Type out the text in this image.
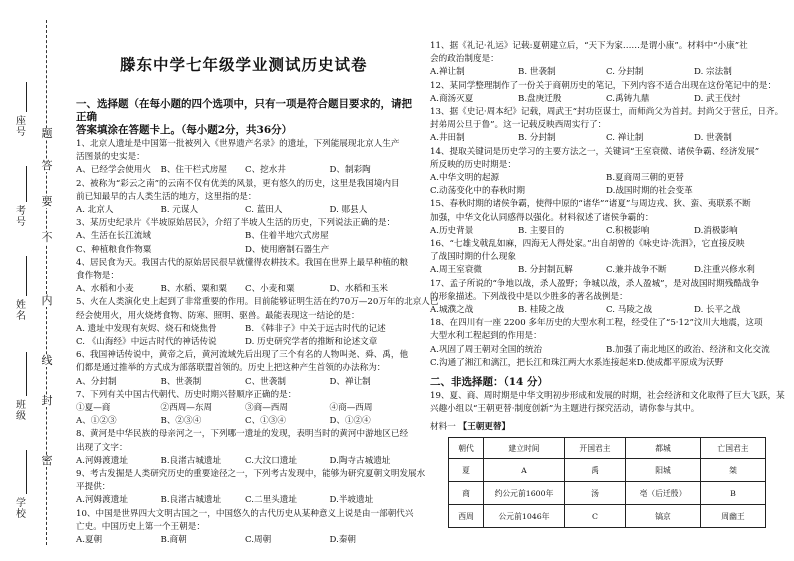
密
封
线
内
不
要
答
题
座号
考号
姓名
班级
学校
滕东中学七年级学业测试历史试卷
一、选择题（在每小题的四个选项中，只有一项是符合题目要求的，请把正确
答案填涂在答题卡上。（每小题2分，共36分）
1、北京人遗址是中国第一批被列入《世界遗产名录》的遗址，下列能展现北京人生产
活图景的史实是：
A、已经学会使用火	B、住干栏式房屋	C、挖水井	D、制彩陶
2、被称为“彩云之南”的云南不仅有优美的风景，更有悠久的历史，这里是我国境内目
前已知最早的古人类生活的地方，这里指的是：
A. 北京人	B. 元谋人	C. 蓝田人	D. 郧县人
3、某历史纪录片《半坡原始居民》，介绍了半坡人生活的历史，下列说法正确的是：
A、生活在长江流域	B、住着半地穴式房屋
C、种植粮食作物粟	D、使用磨制石器生产
4、居民食为天。我国古代的原始居民很早就懂得农耕技术。我国在世界上最早种植的粮
食作物是：
A、水稻和小麦	B、水稻、粟和粟	C、小麦和粟	D、水稻和玉米
5、火在人类演化史上起到了非常重要的作用。目前能够证明生活在约70万—20万年的北京人已
经会使用火，用火烧烤食物、防寒、照明、驱兽。最能表现这一结论的是：
A. 遗址中发现有灰烬、烧石和烧焦骨	B. 《韩非子》中关于远古时代的记述
C. 《山海经》中远古时代的神话传说	D. 历史研究学者的推断和论述文章
6、我国神话传说中，黄帝之后，黄河流域先后出现了三个有名的人物叫尧、舜、禹，他
们都是通过推举的方式成为部落联盟首领的。历史上把这种产生首领的办法称为：
A、分封制	B、世袭制	C、世袭制	D、禅让制
7、下列有关中国古代朝代、历史时期兴替顺序正确的是：
①夏—商	②西周—东周	③商—西周	④商—西周
A、①②③	B、②③④	C、①③④	D、①②④
8、黄河是中华民族的母亲河之一，下列哪一遗址的发现，表明当时的黄河中游地区已经
出现了文字：
A.河姆渡遗址	B.良渚古城遗址	C.大汶口遗址	D.陶寺古城遗址
9、考古发掘是人类研究历史的重要途径之一，下列考古发现中，能够为研究夏朝文明发展水
平提供：
A.河姆渡遗址	B.良渚古城遗址	C.二里头遗址	D.半坡遗址
10、中国是世界四大文明古国之一，中国悠久的古代历史从某种意义上说是由一部朝代兴
亡史。中国历史上第一个王朝是：
A.夏朝	B.商朝	C.周朝	D.秦朝
11、据《礼记·礼运》记载:夏朝建立后，“天下为家……是谓小康”。材料中“小康”社
会的政治制度是：
A.禅让制	B. 世袭制	C. 分封制	D. 宗法制
12、某同学整理制作了一份关于商朝历史的笔记，下列内容不适合出现在这份笔记中的是：
A.商汤灭夏	B.盘庚迁殷	C.禹铸九鼎	D. 武王伐纣
13、据《史记·周本纪》记载，周武王“封功臣谋士，而师尚父为首封。封尚父于营丘，日齐。
封弟周公旦于鲁”。这一记载反映西周实行了：
A.井田制	B. 分封制	C. 禅让制	D. 世袭制
14、提取关键词是历史学习的主要方法之一，关键词“王室衰微、诸侯争霸、经济发展”
所反映的历史时期是：
A.中华文明的起源	B.夏商周三朝的更替
C.动荡变化中的春秋时期	D.战国时期的社会变革
15、春秋时期的诸侯争霸，使得中原的“诸华”“诸夏”与周边戎、狄、蛮、夷联系不断
加强，中华文化认同感得以强化。材料叙述了诸侯争霸的：
A.历史背景	B. 主要目的	C.积极影响	D.消极影响
16、“七雄戈戟乱如麻，四海无人得处家。”出自胡曾的《咏史诗·洗泗》，它直接反映
了战国时期的什么现象
A.周王室衰微	B. 分封制瓦解	C.兼并战争不断	D.注重兴修水利
17、孟子所说的“争地以战，杀人盈野；争城以战，杀人盈城”，是对战国时期残酷战争
的形象描述。下列战役中是以少胜多的著名战例是：
A.城濮之战	B. 桂陵之战	C. 马陵之战	D. 长平之战
18、在四川有一座 2200 多年历史的大型水利工程，经受住了“5·12”汶川大地震，这项
大型水利工程起到的作用是：
A.巩固了周王朝对全国的统治	B.加强了南北地区的政治、经济和文化交流
C.沟通了湘江和漓江，把长江和珠江两大水系连接起来 D.使成都平原成为沃野
二、非选择题：（14 分）
19、夏、商、周时期是中华文明初步形成和发展的时期，社会经济和文化取得了巨大飞跃，某
兴趣小组以“王朝更替·制度创新”为主题进行探究活动，请你参与其中。
材料一 【王朝更替】
朝代	建立时间	开国君主	都城	亡国君主
夏	A	禹	阳城	桀
商	约公元前1600年	汤	亳（后迁殷）	B
西周	公元前1046年	C	镐京	周幽王
